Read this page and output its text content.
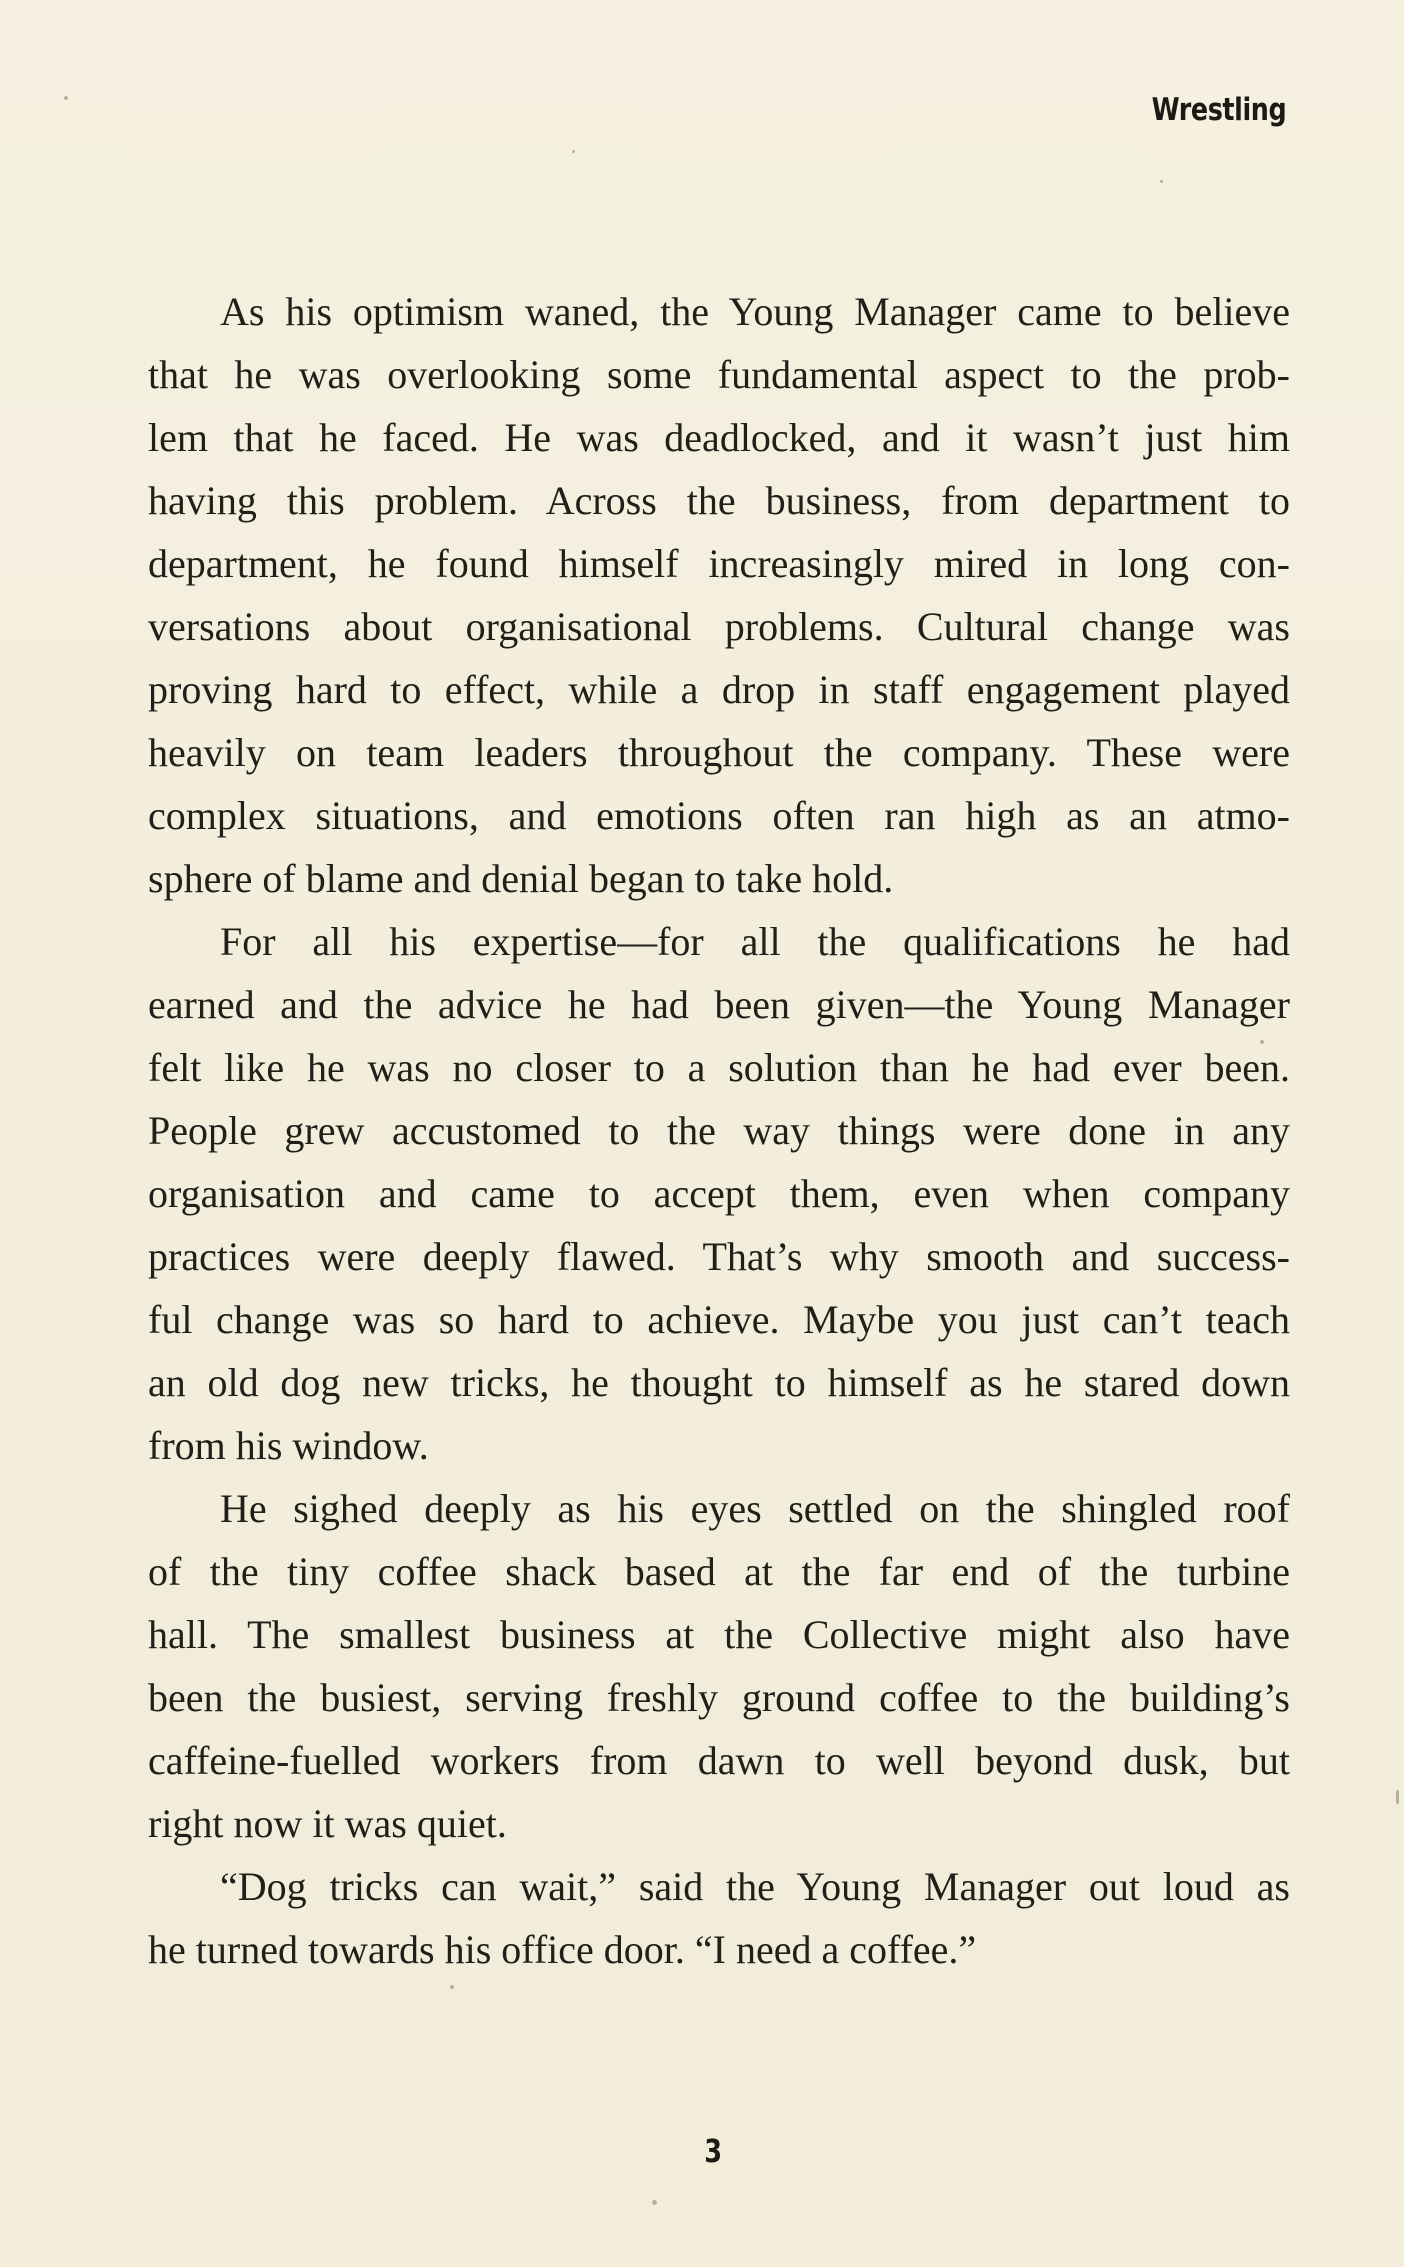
Wrestling
As his optimism waned, the Young Manager came to believe
that he was overlooking some fundamental aspect to the prob-
lem that he faced. He was deadlocked, and it wasn’t just him
having this problem. Across the business, from department to
department, he found himself increasingly mired in long con-
versations about organisational problems. Cultural change was
proving hard to effect, while a drop in staff engagement played
heavily on team leaders throughout the company. These were
complex situations, and emotions often ran high as an atmo-
sphere of blame and denial began to take hold.
For all his expertise—for all the qualifications he had
earned and the advice he had been given—the Young Manager
felt like he was no closer to a solution than he had ever been.
People grew accustomed to the way things were done in any
organisation and came to accept them, even when company
practices were deeply flawed. That’s why smooth and success-
ful change was so hard to achieve. Maybe you just can’t teach
an old dog new tricks, he thought to himself as he stared down
from his window.
He sighed deeply as his eyes settled on the shingled roof
of the tiny coffee shack based at the far end of the turbine
hall. The smallest business at the Collective might also have
been the busiest, serving freshly ground coffee to the building’s
caffeine-fuelled workers from dawn to well beyond dusk, but
right now it was quiet.
“Dog tricks can wait,” said the Young Manager out loud as
he turned towards his office door. “I need a coffee.”
3
